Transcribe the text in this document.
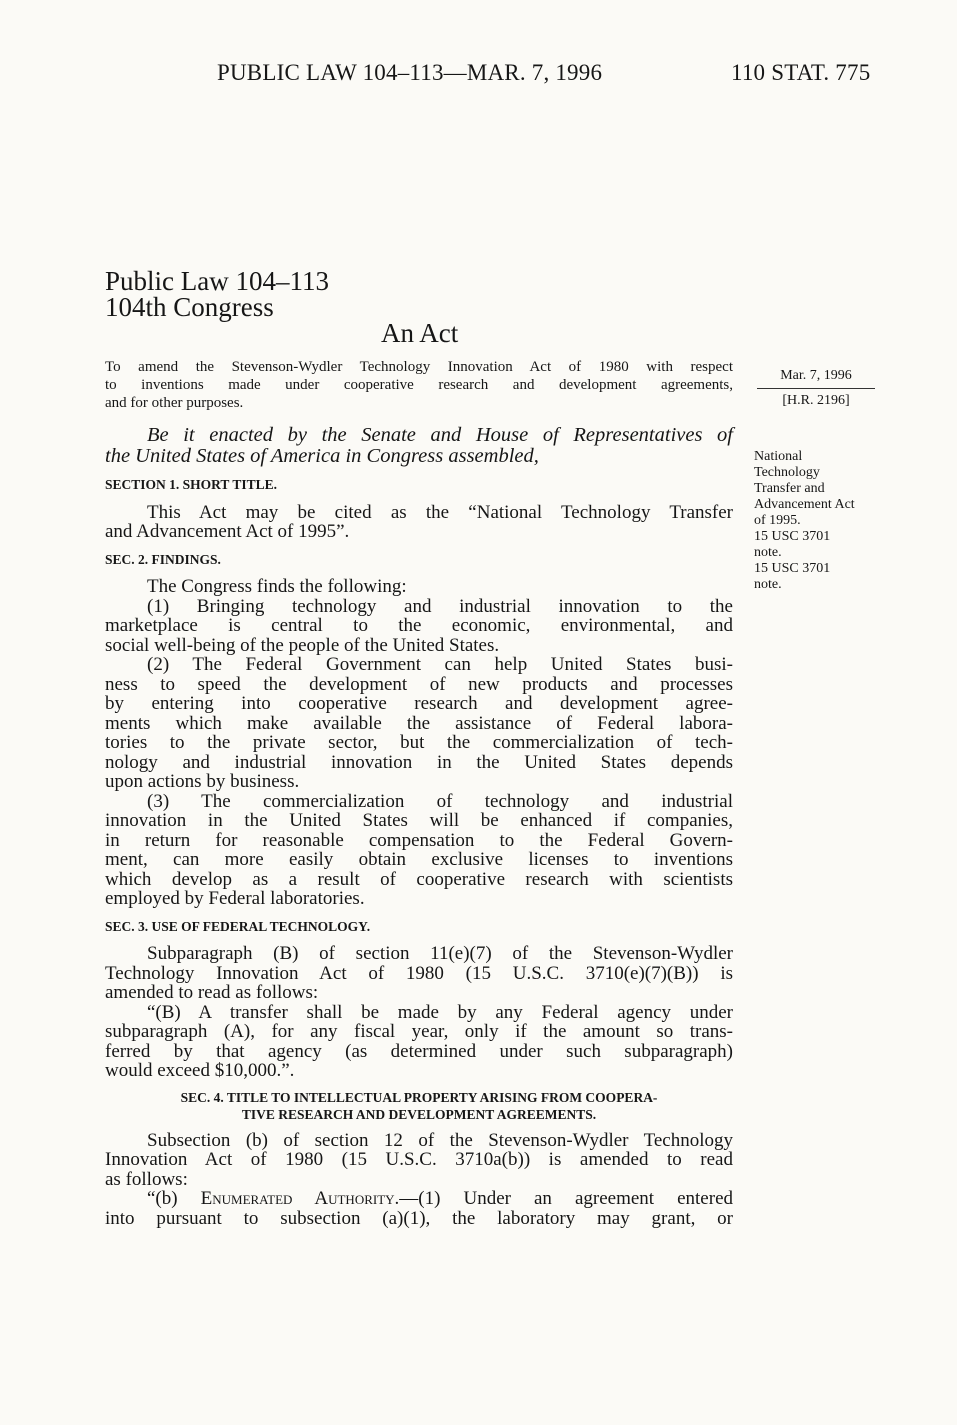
PUBLIC LAW 104–113—MAR. 7, 1996	110 STAT. 775
Public Law 104–113
104th Congress
An Act
To amend the Stevenson-Wydler Technology Innovation Act of 1980 with respect
to inventions made under cooperative research and development agreements,
and for other purposes.
Mar. 7, 1996
[H.R. 2196]

Be it enacted by the Senate and House of Representatives of
the United States of America in Congress assembled,

SECTION 1. SHORT TITLE.

This Act may be cited as the “National Technology Transfer
and Advancement Act of 1995”.

SEC. 2. FINDINGS.

The Congress finds the following:

(1) Bringing technology and industrial innovation to the
marketplace is central to the economic, environmental, and
social well-being of the people of the United States.

(2) The Federal Government can help United States busi-
ness to speed the development of new products and processes
by entering into cooperative research and development agree-
ments which make available the assistance of Federal labora-
tories to the private sector, but the commercialization of tech-
nology and industrial innovation in the United States depends
upon actions by business.

(3) The commercialization of technology and industrial
innovation in the United States will be enhanced if companies,
in return for reasonable compensation to the Federal Govern-
ment, can more easily obtain exclusive licenses to inventions
which develop as a result of cooperative research with scientists
employed by Federal laboratories.

SEC. 3. USE OF FEDERAL TECHNOLOGY.

Subparagraph (B) of section 11(e)(7) of the Stevenson-Wydler
Technology Innovation Act of 1980 (15 U.S.C. 3710(e)(7)(B)) is
amended to read as follows:

“(B) A transfer shall be made by any Federal agency under
subparagraph (A), for any fiscal year, only if the amount so trans-
ferred by that agency (as determined under such subparagraph)
would exceed $10,000.”.

SEC. 4. TITLE TO INTELLECTUAL PROPERTY ARISING FROM COOPERA-
TIVE RESEARCH AND DEVELOPMENT AGREEMENTS.

Subsection (b) of section 12 of the Stevenson-Wydler Technology
Innovation Act of 1980 (15 U.S.C. 3710a(b)) is amended to read
as follows:

“(b) Enumerated Authority.—(1) Under an agreement entered
into pursuant to subsection (a)(1), the laboratory may grant, or

National
Technology
Transfer and
Advancement Act
of 1995.
15 USC 3701
note.
15 USC 3701
note.
